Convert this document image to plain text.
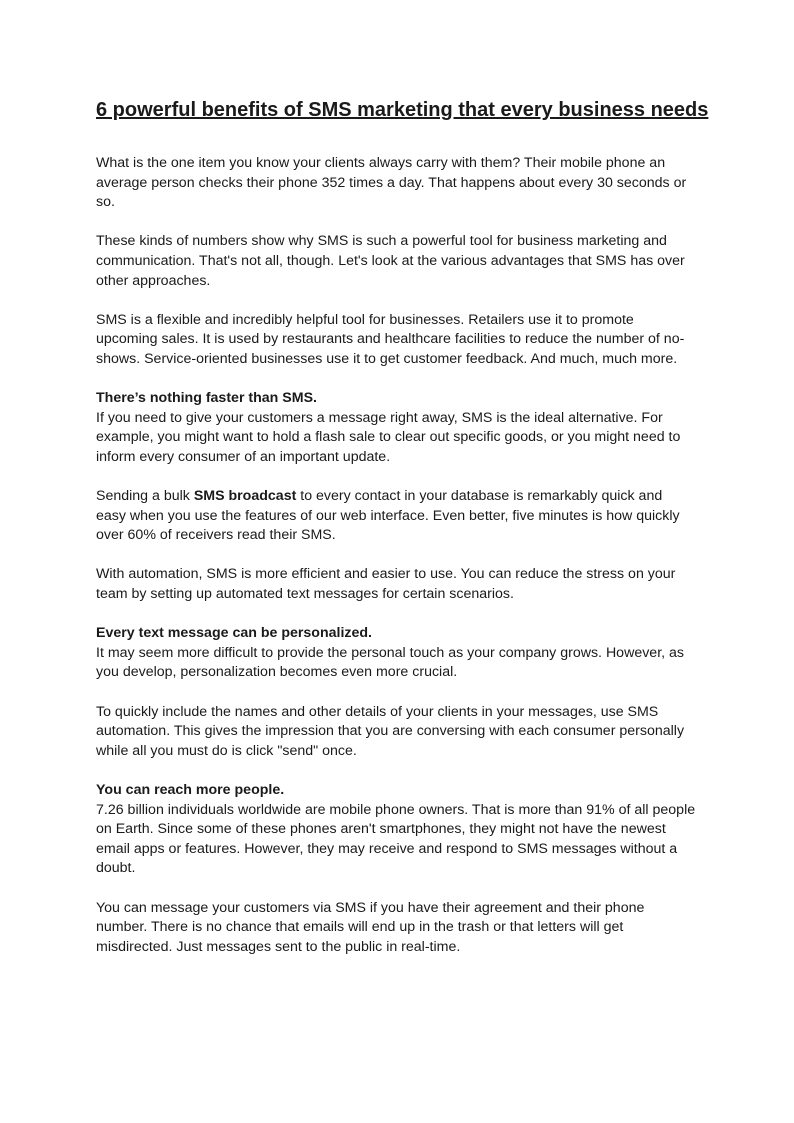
6 powerful benefits of SMS marketing that every business needs

What is the one item you know your clients always carry with them? Their mobile phone an average person checks their phone 352 times a day. That happens about every 30 seconds or so.

These kinds of numbers show why SMS is such a powerful tool for business marketing and communication. That's not all, though. Let's look at the various advantages that SMS has over other approaches.

SMS is a flexible and incredibly helpful tool for businesses. Retailers use it to promote upcoming sales. It is used by restaurants and healthcare facilities to reduce the number of no-shows. Service-oriented businesses use it to get customer feedback. And much, much more.

There’s nothing faster than SMS.
If you need to give your customers a message right away, SMS is the ideal alternative. For example, you might want to hold a flash sale to clear out specific goods, or you might need to inform every consumer of an important update.

Sending a bulk SMS broadcast to every contact in your database is remarkably quick and easy when you use the features of our web interface. Even better, five minutes is how quickly over 60% of receivers read their SMS.

With automation, SMS is more efficient and easier to use. You can reduce the stress on your team by setting up automated text messages for certain scenarios.

Every text message can be personalized.
It may seem more difficult to provide the personal touch as your company grows. However, as you develop, personalization becomes even more crucial.

To quickly include the names and other details of your clients in your messages, use SMS automation. This gives the impression that you are conversing with each consumer personally while all you must do is click "send" once.

You can reach more people.
7.26 billion individuals worldwide are mobile phone owners. That is more than 91% of all people on Earth. Since some of these phones aren't smartphones, they might not have the newest email apps or features. However, they may receive and respond to SMS messages without a doubt.

You can message your customers via SMS if you have their agreement and their phone number. There is no chance that emails will end up in the trash or that letters will get misdirected. Just messages sent to the public in real-time.
